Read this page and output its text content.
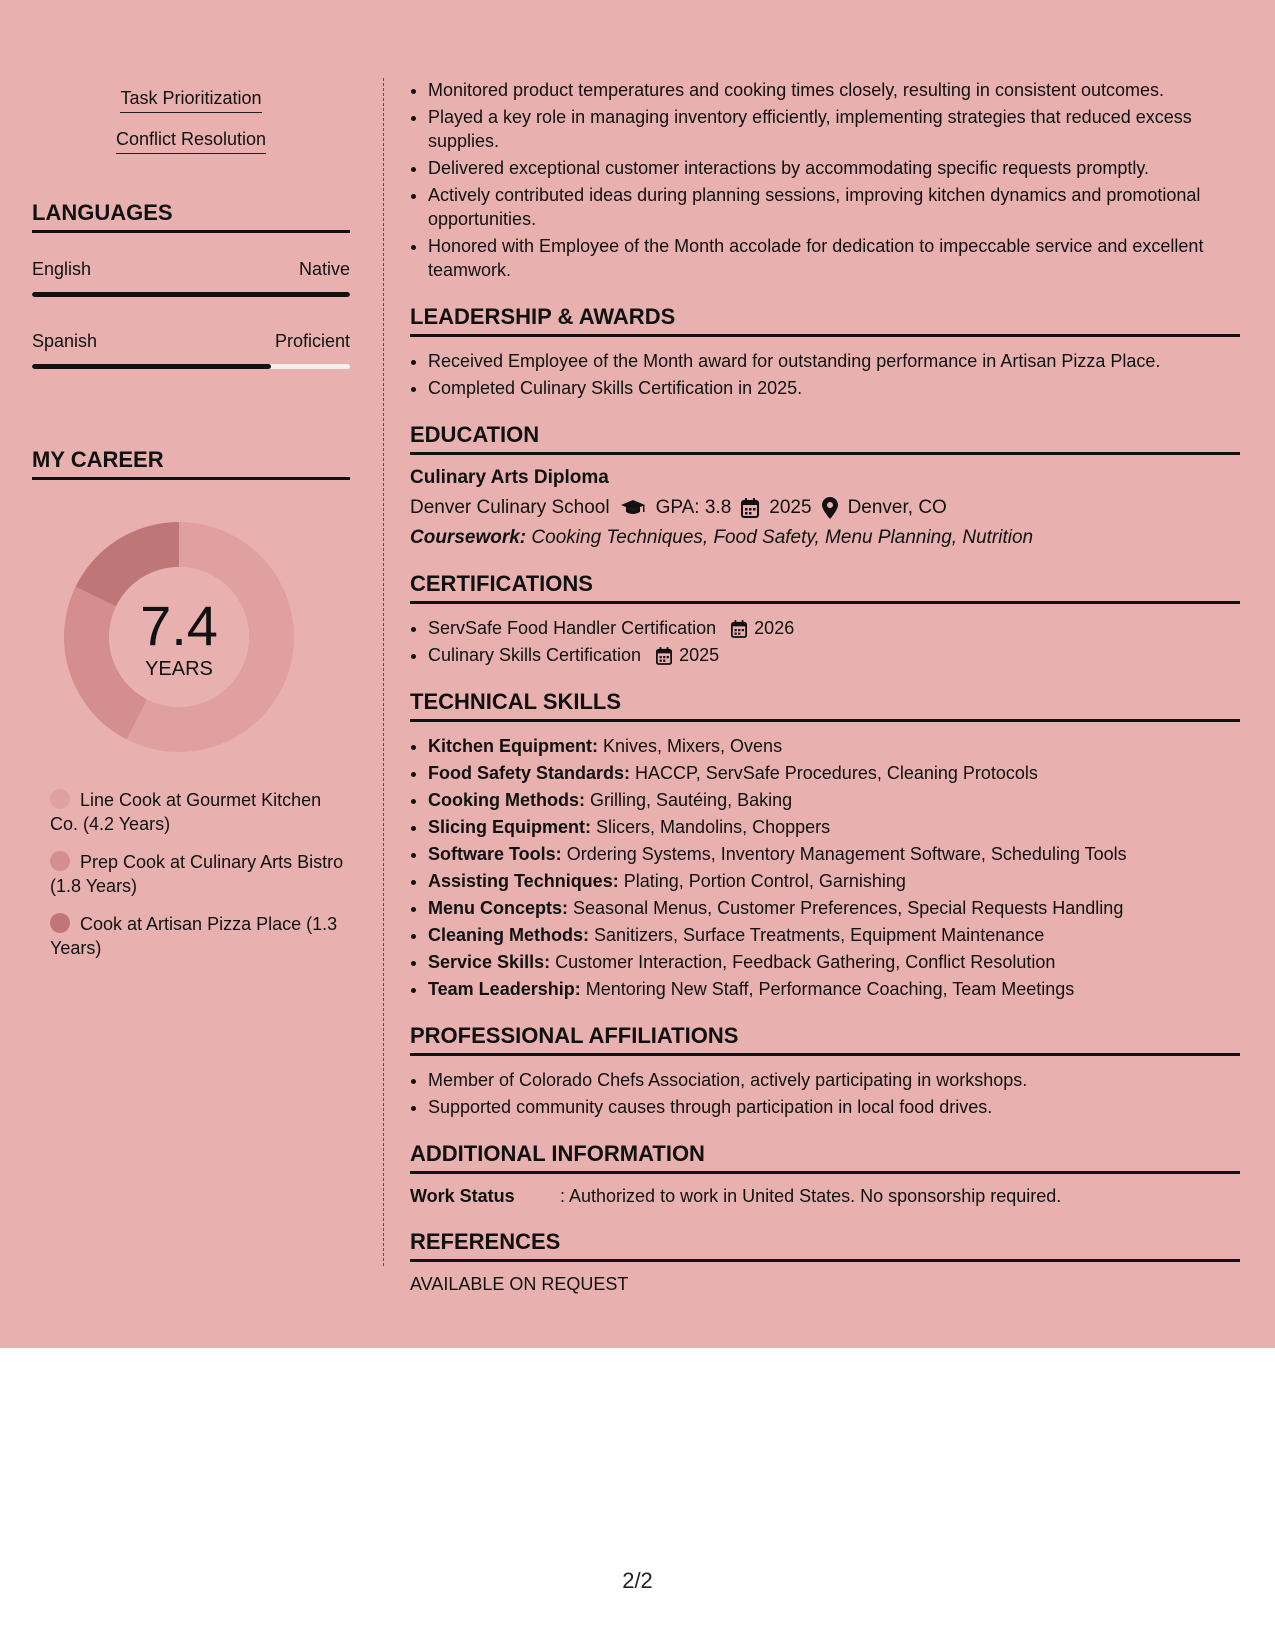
Task Prioritization
Conflict Resolution
LANGUAGES
English	Native
Spanish	Proficient
MY CAREER
7.4
YEARS
Line Cook at Gourmet Kitchen Co. (4.2 Years)
Prep Cook at Culinary Arts Bistro (1.8 Years)
Cook at Artisan Pizza Place (1.3 Years)
• Monitored product temperatures and cooking times closely, resulting in consistent outcomes.
• Played a key role in managing inventory efficiently, implementing strategies that reduced excess supplies.
• Delivered exceptional customer interactions by accommodating specific requests promptly.
• Actively contributed ideas during planning sessions, improving kitchen dynamics and promotional opportunities.
• Honored with Employee of the Month accolade for dedication to impeccable service and excellent teamwork.
LEADERSHIP & AWARDS
• Received Employee of the Month award for outstanding performance in Artisan Pizza Place.
• Completed Culinary Skills Certification in 2025.
EDUCATION
Culinary Arts Diploma
Denver Culinary School GPA: 3.8 2025 Denver, CO
Coursework: Cooking Techniques, Food Safety, Menu Planning, Nutrition
CERTIFICATIONS
• ServSafe Food Handler Certification 2026
• Culinary Skills Certification 2025
TECHNICAL SKILLS
• Kitchen Equipment: Knives, Mixers, Ovens
• Food Safety Standards: HACCP, ServSafe Procedures, Cleaning Protocols
• Cooking Methods: Grilling, Sautéing, Baking
• Slicing Equipment: Slicers, Mandolins, Choppers
• Software Tools: Ordering Systems, Inventory Management Software, Scheduling Tools
• Assisting Techniques: Plating, Portion Control, Garnishing
• Menu Concepts: Seasonal Menus, Customer Preferences, Special Requests Handling
• Cleaning Methods: Sanitizers, Surface Treatments, Equipment Maintenance
• Service Skills: Customer Interaction, Feedback Gathering, Conflict Resolution
• Team Leadership: Mentoring New Staff, Performance Coaching, Team Meetings
PROFESSIONAL AFFILIATIONS
• Member of Colorado Chefs Association, actively participating in workshops.
• Supported community causes through participation in local food drives.
ADDITIONAL INFORMATION
Work Status	: Authorized to work in United States. No sponsorship required.
REFERENCES
AVAILABLE ON REQUEST
2/2
